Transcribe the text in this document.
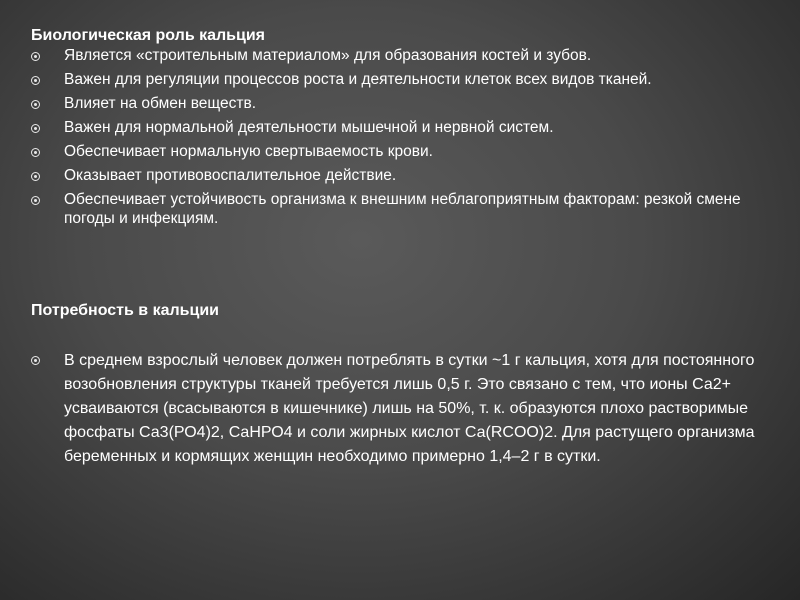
Биологическая роль кальция
Является «строительным материалом» для образования костей и зубов.
Важен для регуляции процессов роста и деятельности клеток всех видов тканей.
Влияет на обмен веществ.
Важен для нормальной деятельности мышечной и нервной систем.
Обеспечивает нормальную свертываемость крови.
Оказывает противовоспалительное действие.
Обеспечивает устойчивость организма к внешним неблагоприятным факторам: резкой смене погоды и инфекциям.
Потребность в кальции
В среднем взрослый человек должен потреблять в сутки ~1 г кальция, хотя для постоянного возобновления структуры тканей требуется лишь 0,5 г. Это связано с тем, что ионы Са2+ усваиваются (всасываются в кишечнике) лишь на 50%, т. к. образуются плохо растворимые фосфаты Са3(РО4)2, СаНРО4 и соли жирных кислот Са(RCOO)2. Для растущего организма беременных и кормящих женщин необходимо примерно 1,4–2 г в сутки.
